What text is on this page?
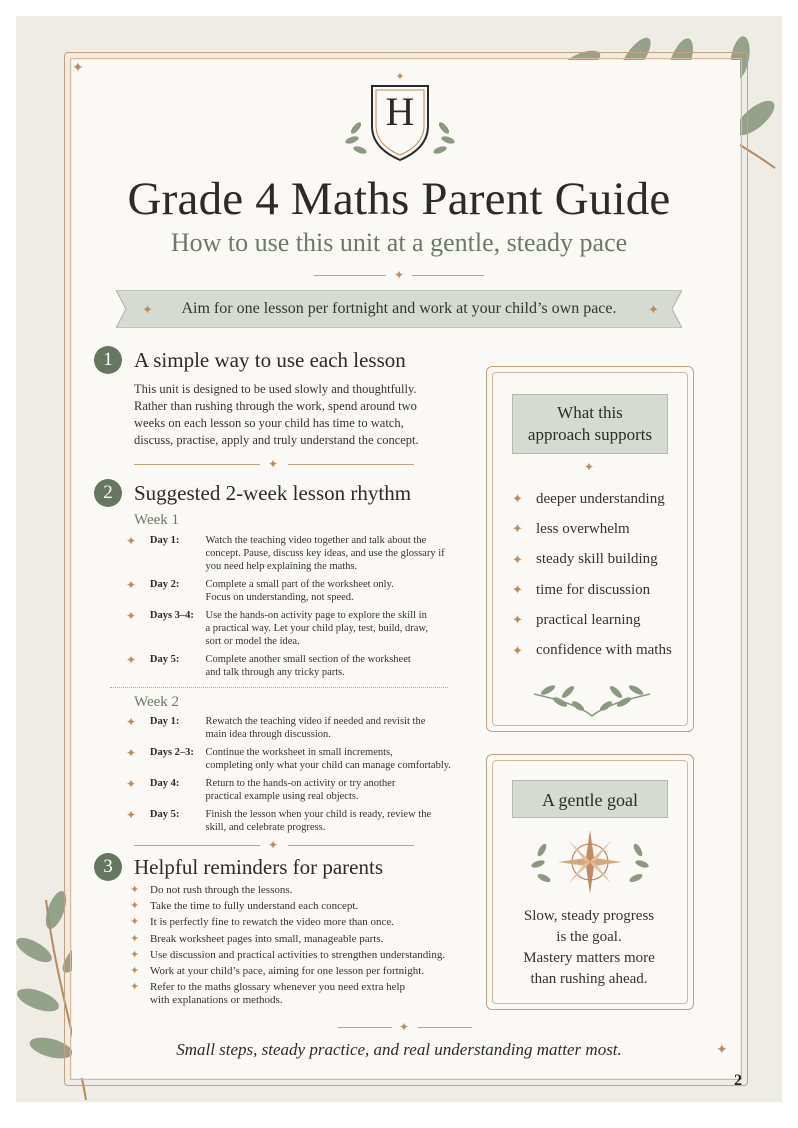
✦
✦
✦
H
Grade 4 Maths Parent Guide
How to use this unit at a gentle, steady pace
✦
✦	✦
Aim for one lesson per fortnight and work at your child’s own pace.
1	A simple way to use each lesson
This unit is designed to be used slowly and thoughtfully.
Rather than rushing through the work, spend around two
weeks on each lesson so your child has time to watch,
discuss, practise, apply and truly understand the concept.
✦
2	Suggested 2-week lesson rhythm
Week 1
✦	Day 1:	Watch the teaching video together and talk about the
concept. Pause, discuss key ideas, and use the glossary if
you need help explaining the maths.
✦	Day 2:	Complete a small part of the worksheet only.
Focus on understanding, not speed.
✦	Days 3–4:	Use the hands-on activity page to explore the skill in
a practical way. Let your child play, test, build, draw,
sort or model the idea.
✦	Day 5:	Complete another small section of the worksheet
and talk through any tricky parts.
Week 2
✦	Day 1:	Rewatch the teaching video if needed and revisit the
main idea through discussion.
✦	Days 2–3:	Continue the worksheet in small increments,
completing only what your child can manage comfortably.
✦	Day 4:	Return to the hands-on activity or try another
practical example using real objects.
✦	Day 5:	Finish the lesson when your child is ready, review the
skill, and celebrate progress.
✦
3	Helpful reminders for parents
✦ Do not rush through the lessons.
✦ Take the time to fully understand each concept.
✦ It is perfectly fine to rewatch the video more than once.
✦ Break worksheet pages into small, manageable parts.
✦ Use discussion and practical activities to strengthen understanding.
✦ Work at your child’s pace, aiming for one lesson per fortnight.
✦ Refer to the maths glossary whenever you need extra help
with explanations or methods.
What this
approach supports
✦
✦ deeper understanding
✦ less overwhelm
✦ steady skill building
✦ time for discussion
✦ practical learning
✦ confidence with maths
A gentle goal
Slow, steady progress
is the goal.
Mastery matters more
than rushing ahead.
✦
Small steps, steady practice, and real understanding matter most.
2
